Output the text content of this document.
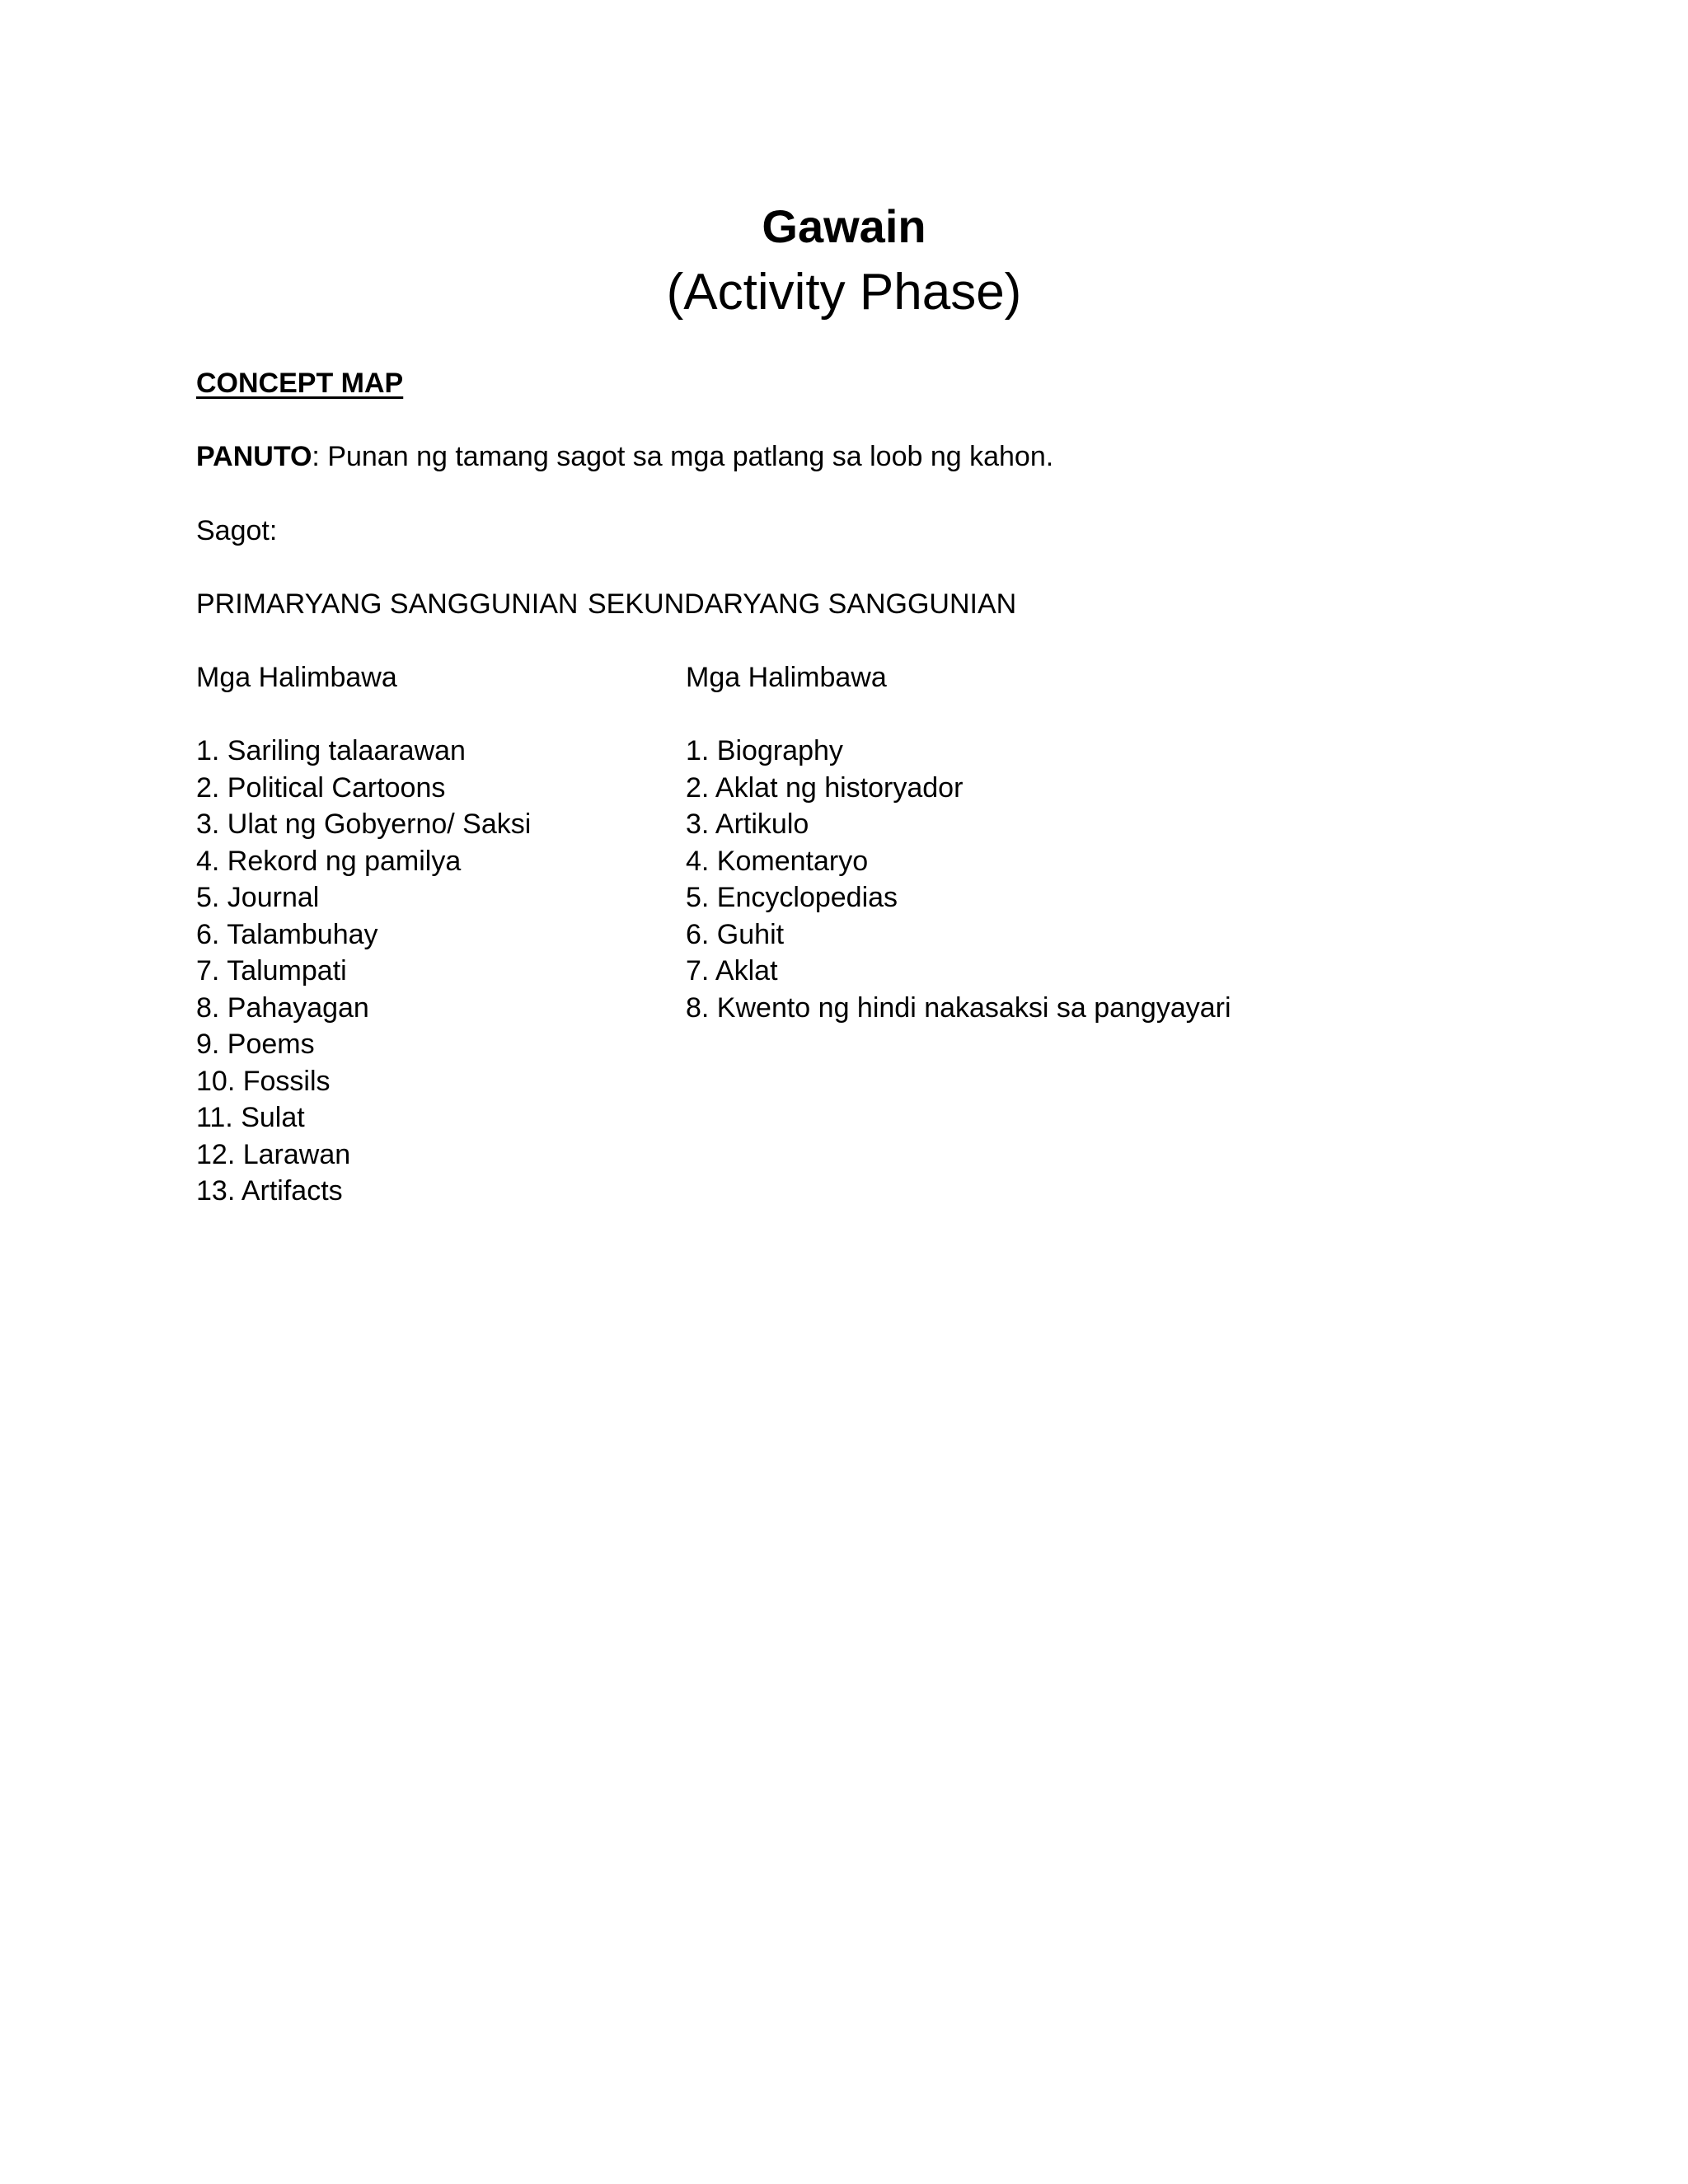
Gawain
(Activity Phase)

CONCEPT MAP

PANUTO: Punan ng tamang sagot sa mga patlang sa loob ng kahon.

Sagot:

PRIMARYANG SANGGUNIAN SEKUNDARYANG SANGGUNIAN

Mga Halimbawa	Mga Halimbawa

1. Sariling talaarawan
2. Political Cartoons
3. Ulat ng Gobyerno/ Saksi
4. Rekord ng pamilya
5. Journal
6. Talambuhay
7. Talumpati
8. Pahayagan
9. Poems
10. Fossils
11. Sulat
12. Larawan
13. Artifacts
1. Biography
2. Aklat ng historyador
3. Artikulo
4. Komentaryo
5. Encyclopedias
6. Guhit
7. Aklat
8. Kwento ng hindi nakasaksi sa pangyayari
